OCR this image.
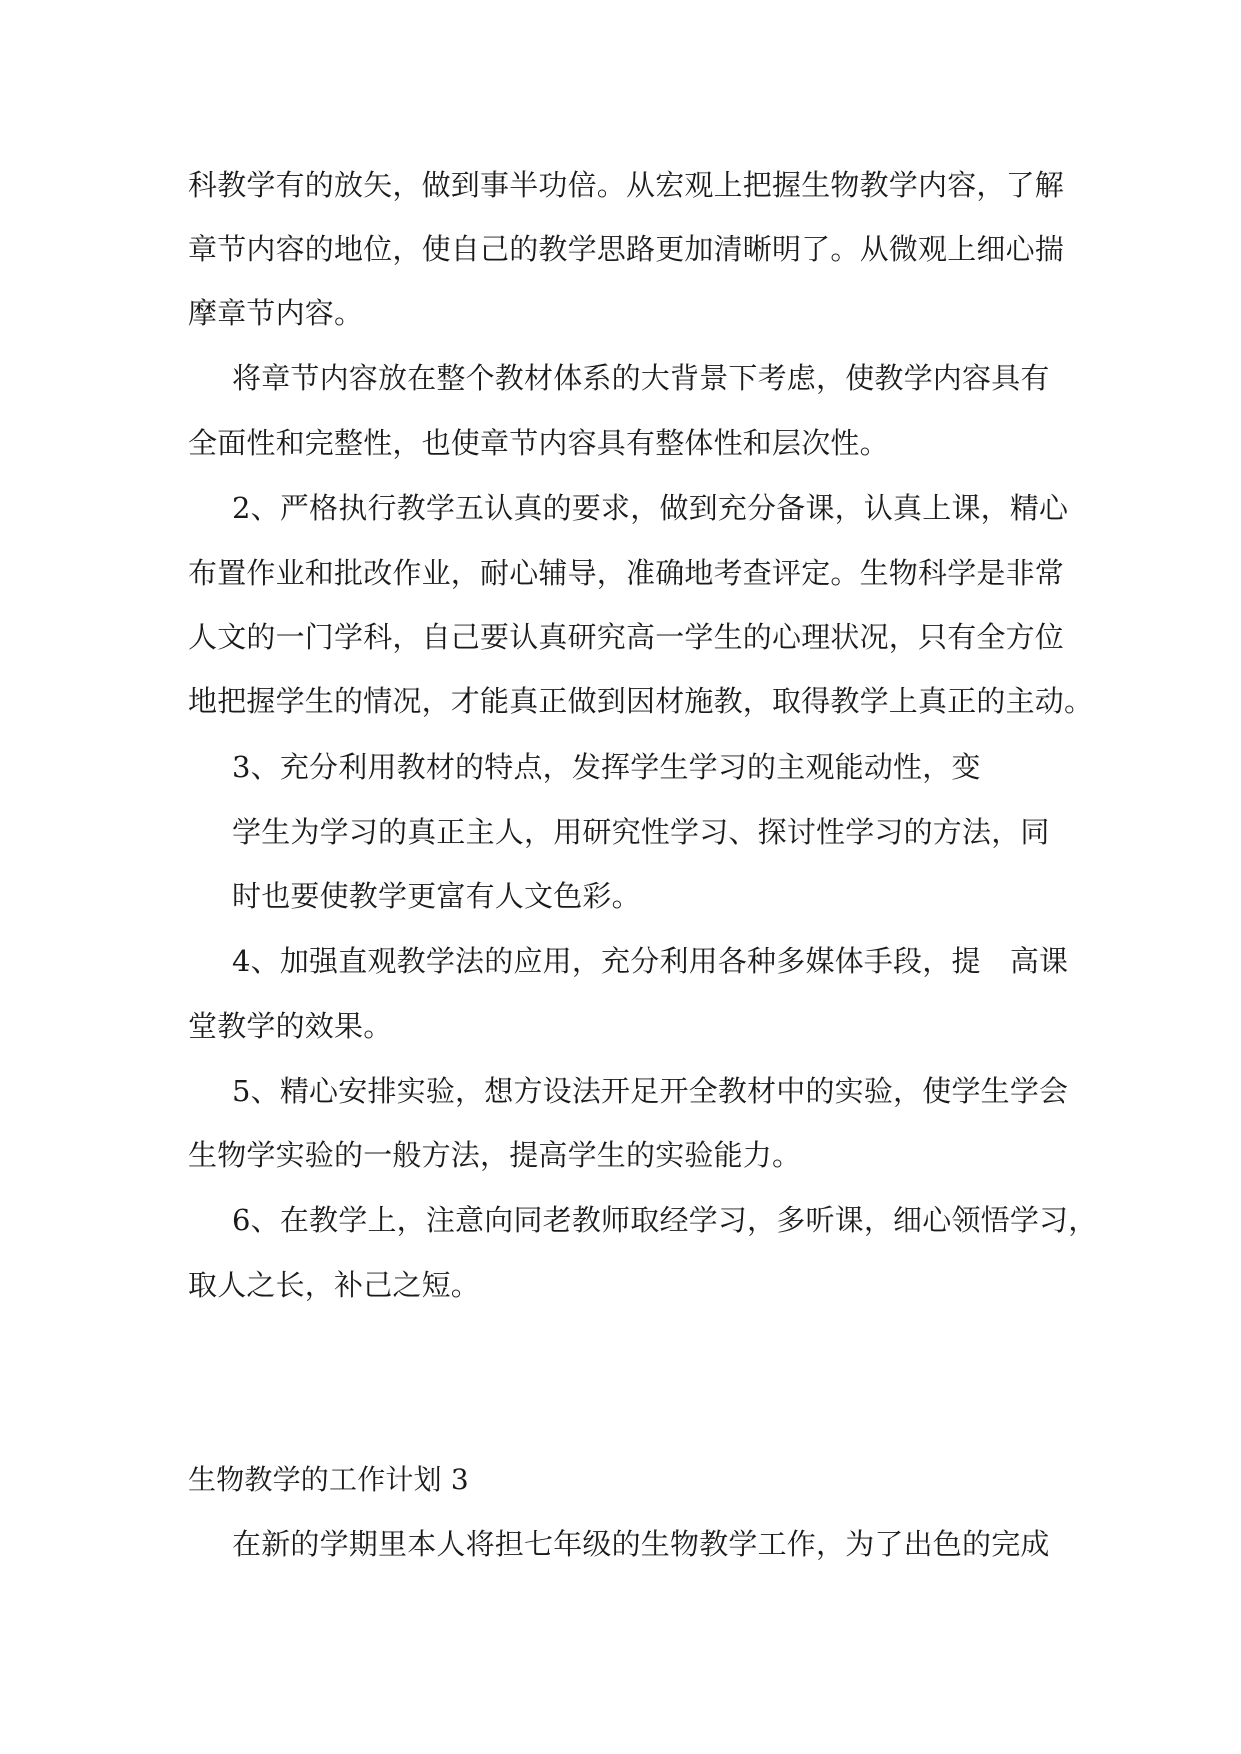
科教学有的放矢，做到事半功倍。从宏观上把握生物教学内容，了解
章节内容的地位，使自己的教学思路更加清晰明了。从微观上细心揣
摩章节内容。
将章节内容放在整个教材体系的大背景下考虑，使教学内容具有
全面性和完整性，也使章节内容具有整体性和层次性。
2、严格执行教学五认真的要求，做到充分备课，认真上课，精心
布置作业和批改作业，耐心辅导，准确地考查评定。生物科学是非常
人文的一门学科，自己要认真研究高一学生的心理状况，只有全方位
地把握学生的情况，才能真正做到因材施教，取得教学上真正的主动。
3、充分利用教材的特点，发挥学生学习的主观能动性，变
学生为学习的真正主人，用研究性学习、探讨性学习的方法，同
时也要使教学更富有人文色彩。
4、加强直观教学法的应用，充分利用各种多媒体手段，提　高课
堂教学的效果。
5、精心安排实验，想方设法开足开全教材中的实验，使学生学会
生物学实验的一般方法，提高学生的实验能力。
6、在教学上，注意向同老教师取经学习，多听课，细心领悟学习，
取人之长，补己之短。
生物教学的工作计划 3
在新的学期里本人将担七年级的生物教学工作，为了出色的完成
